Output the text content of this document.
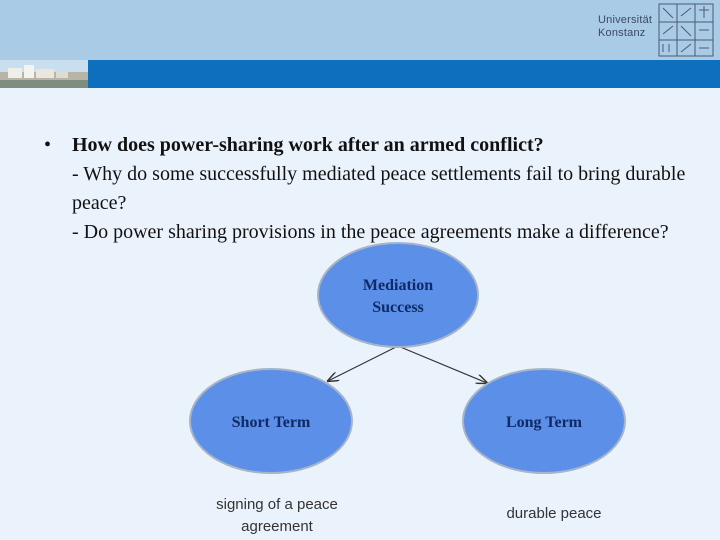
Universität
Konstanz
• How does power-sharing work after an armed conflict?
- Why do some successfully mediated peace settlements fail to bring durable peace?
- Do power sharing provisions in the peace agreements make a difference?
Mediation
Success
Short Term	Long Term
signing of a peace
agreement
durable peace
